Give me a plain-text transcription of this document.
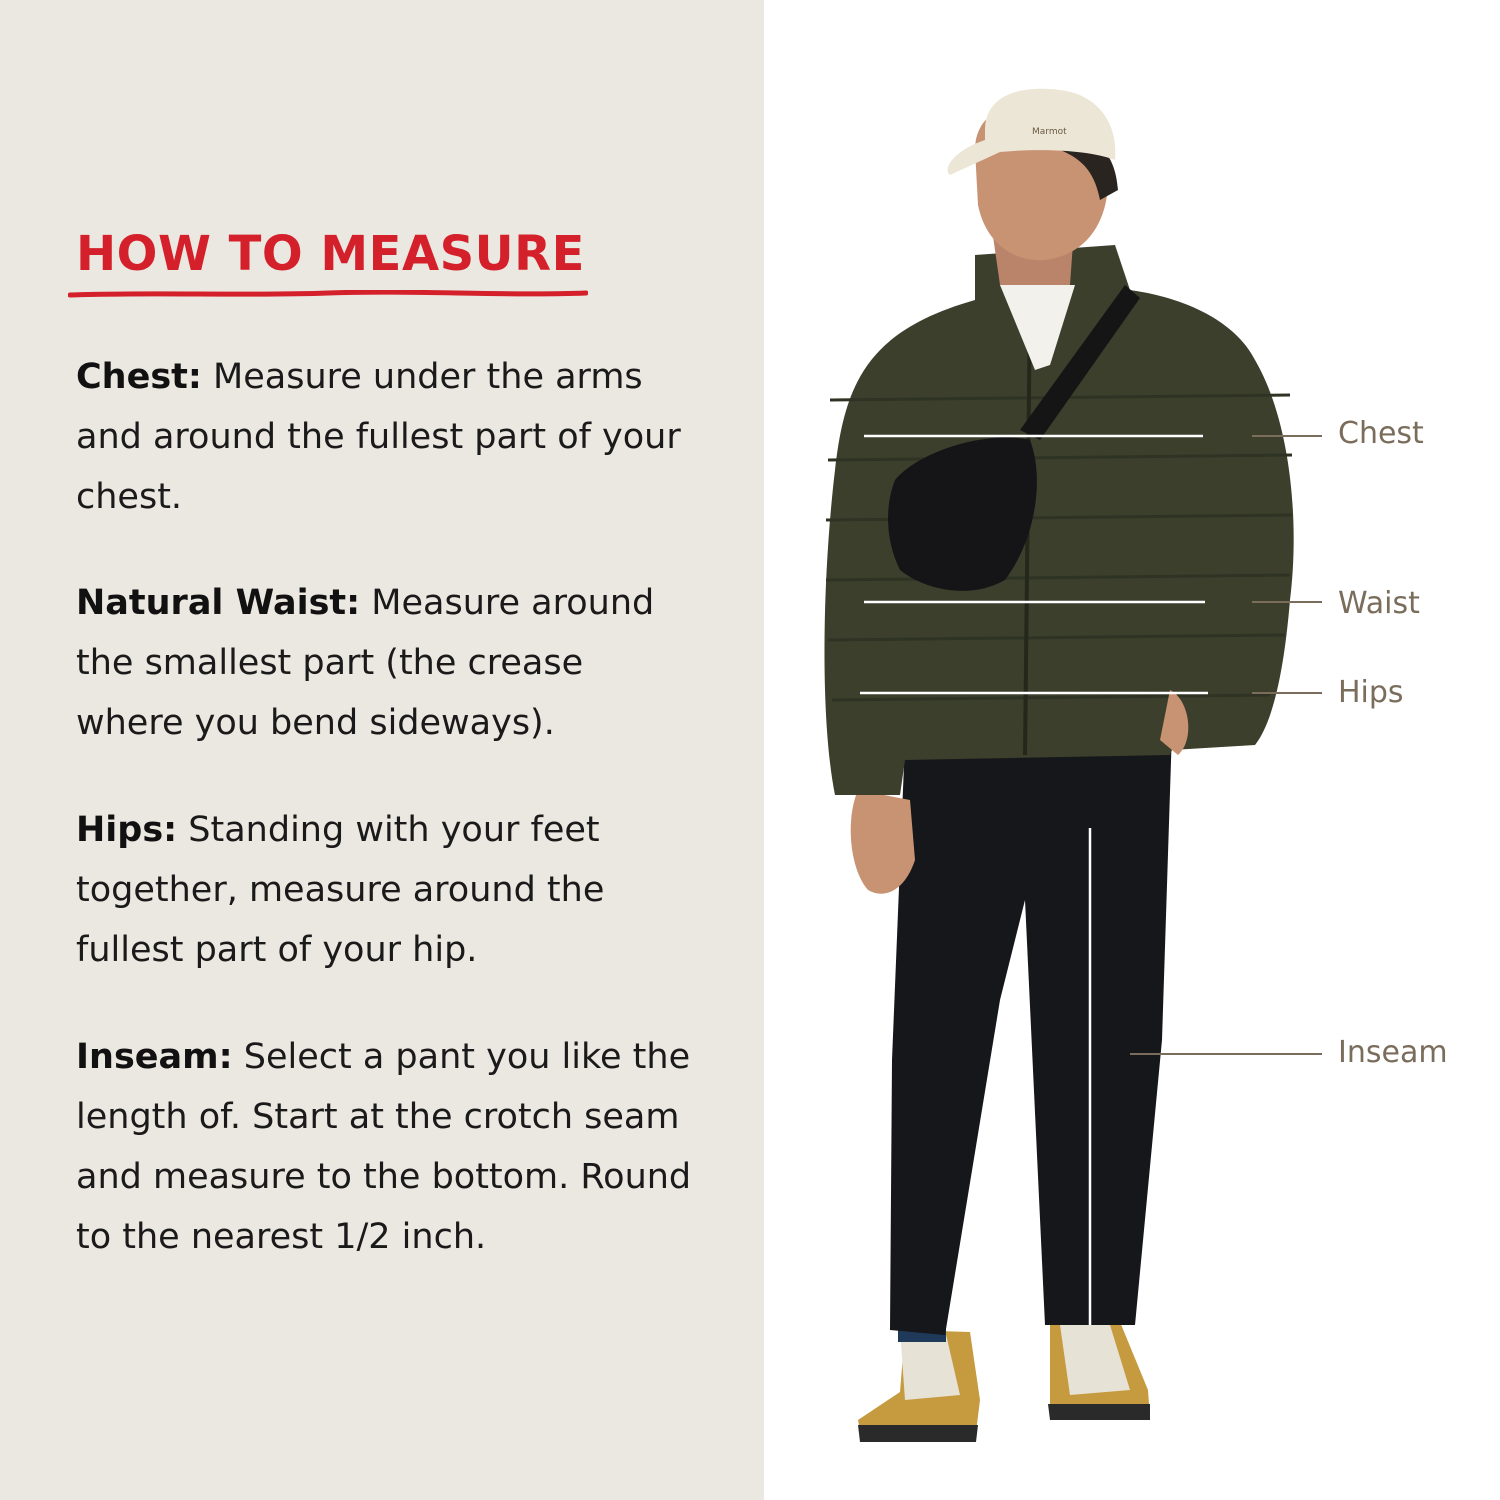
HOW TO MEASURE
Chest: Measure under the arms and around the fullest part of your chest.
Natural Waist: Measure around the smallest part (the crease where you bend sideways).
Hips: Standing with your feet together, measure around the fullest part of your hip.
Inseam: Select a pant you like the length of. Start at the crotch seam and measure to the bottom. Round to the nearest 1/2 inch.
Marmot
Chest
Waist
Hips
Inseam
